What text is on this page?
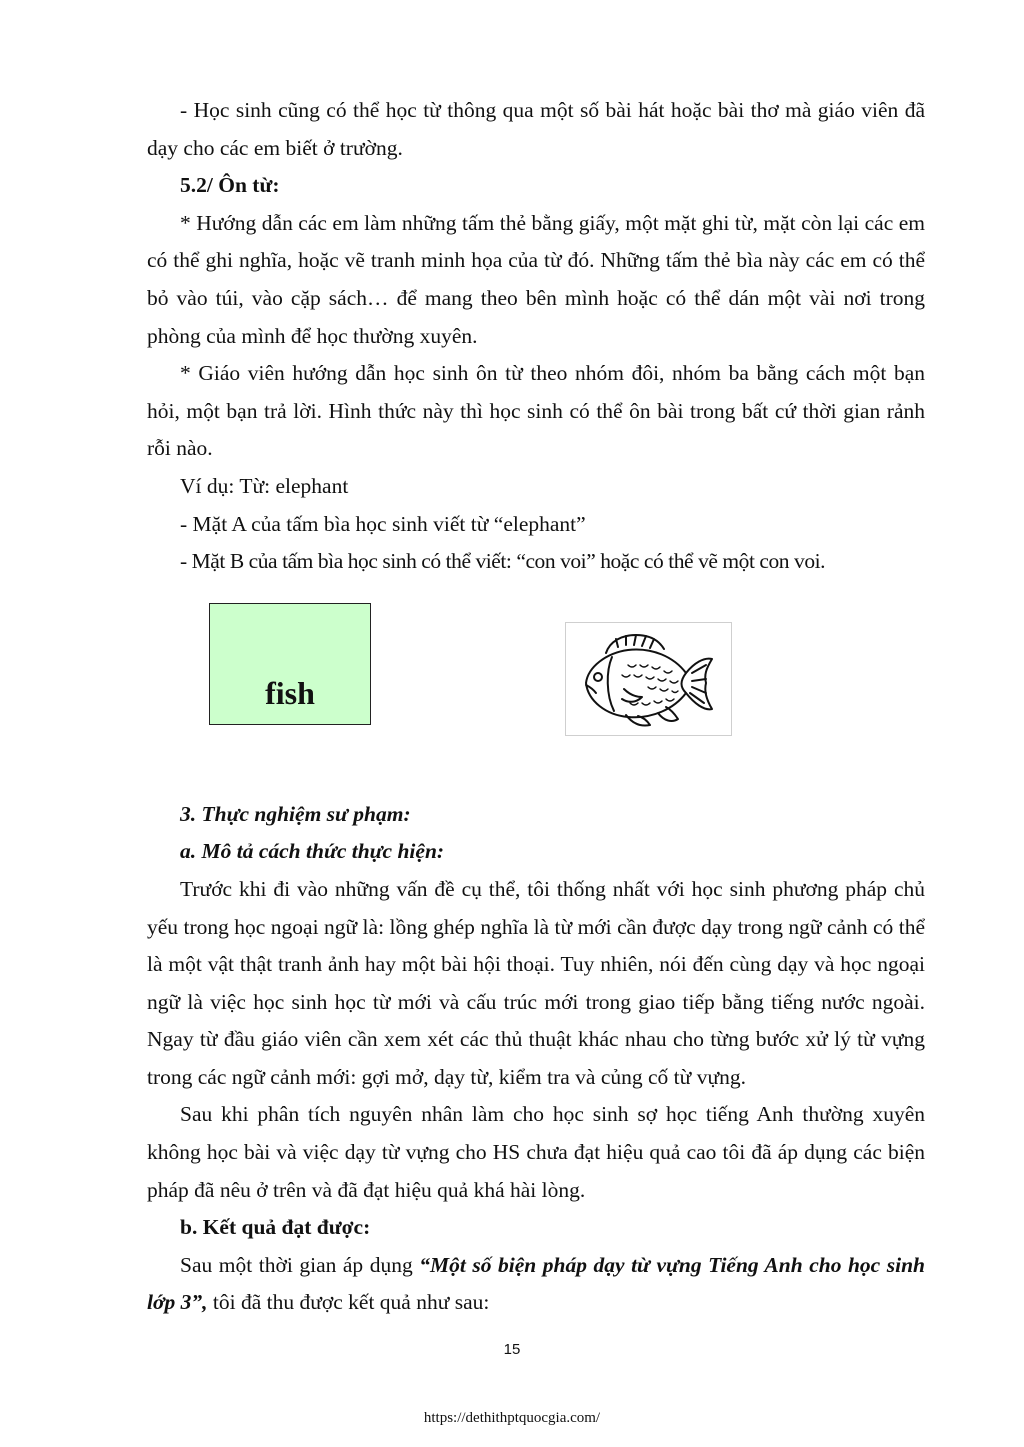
- Học sinh cũng có thể học từ thông qua một số bài hát hoặc bài thơ mà giáo viên đã dạy cho các em biết ở trường.

5.2/ Ôn từ:

* Hướng dẫn các em làm những tấm thẻ bằng giấy, một mặt ghi từ, mặt còn lại các em có thể ghi nghĩa, hoặc vẽ tranh minh họa của từ đó. Những tấm thẻ bìa này các em có thể bỏ vào túi, vào cặp sách… để mang theo bên mình hoặc có thể dán một vài nơi trong phòng của mình để học thường xuyên.

* Giáo viên hướng dẫn học sinh ôn từ theo nhóm đôi, nhóm ba bằng cách một bạn hỏi, một bạn trả lời. Hình thức này thì học sinh có thể ôn bài trong bất cứ thời gian rảnh rỗi nào.

Ví dụ: Từ: elephant

- Mặt A của tấm bìa học sinh viết từ “elephant”

- Mặt B của tấm bìa học sinh có thể viết: “con voi” hoặc có thể vẽ một con voi.

fish

3. Thực nghiệm sư phạm:

a. Mô tả cách thức thực hiện:

Trước khi đi vào những vấn đề cụ thể, tôi thống nhất với học sinh phương pháp chủ yếu trong học ngoại ngữ là: lồng ghép nghĩa là từ mới cần được dạy trong ngữ cảnh có thể là một vật thật tranh ảnh hay một bài hội thoại. Tuy nhiên, nói đến cùng dạy và học ngoại ngữ là việc học sinh học từ mới và cấu trúc mới trong giao tiếp bằng tiếng nước ngoài. Ngay từ đầu giáo viên cần xem xét các thủ thuật khác nhau cho từng bước xử lý từ vựng trong các ngữ cảnh mới: gợi mở, dạy từ, kiểm tra và củng cố từ vựng.

Sau khi phân tích nguyên nhân làm cho học sinh sợ học tiếng Anh thường xuyên không học bài và việc dạy từ vựng cho HS chưa đạt hiệu quả cao tôi đã áp dụng các biện pháp đã nêu ở trên và đã đạt hiệu quả khá hài lòng.

b. Kết quả đạt được:

Sau một thời gian áp dụng “Một số biện pháp dạy từ vựng Tiếng Anh cho học sinh lớp 3”, tôi đã thu được kết quả như sau:

15
https://dethithptquocgia.com/
